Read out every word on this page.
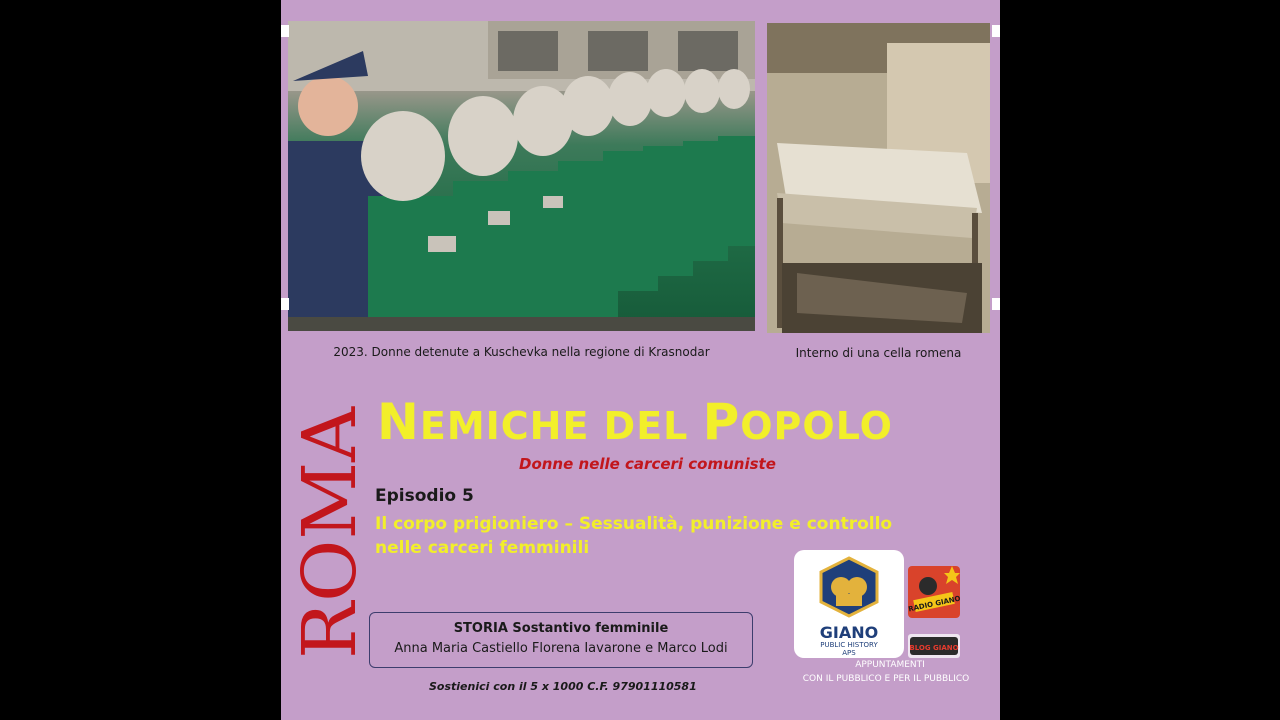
2023. Donne detenute a Kuschevka nella regione di Krasnodar	Interno di una cella romena
ROMA NEMICHE DEL POPOLO
Donne nelle carceri comuniste
Episodio 5
Il corpo prigioniero – Sessualità, punizione e controllo
nelle carceri femminili
STORIA Sostantivo femminile
Anna Maria Castiello Florena Iavarone e Marco Lodi
Sostienici con il 5 x 1000 C.F. 97901110581
GIANO
PUBLIC HISTORY
APS
RADIO GIANO
BLOG GIANO
APPUNTAMENTI
CON IL PUBBLICO E PER IL PUBBLICO
